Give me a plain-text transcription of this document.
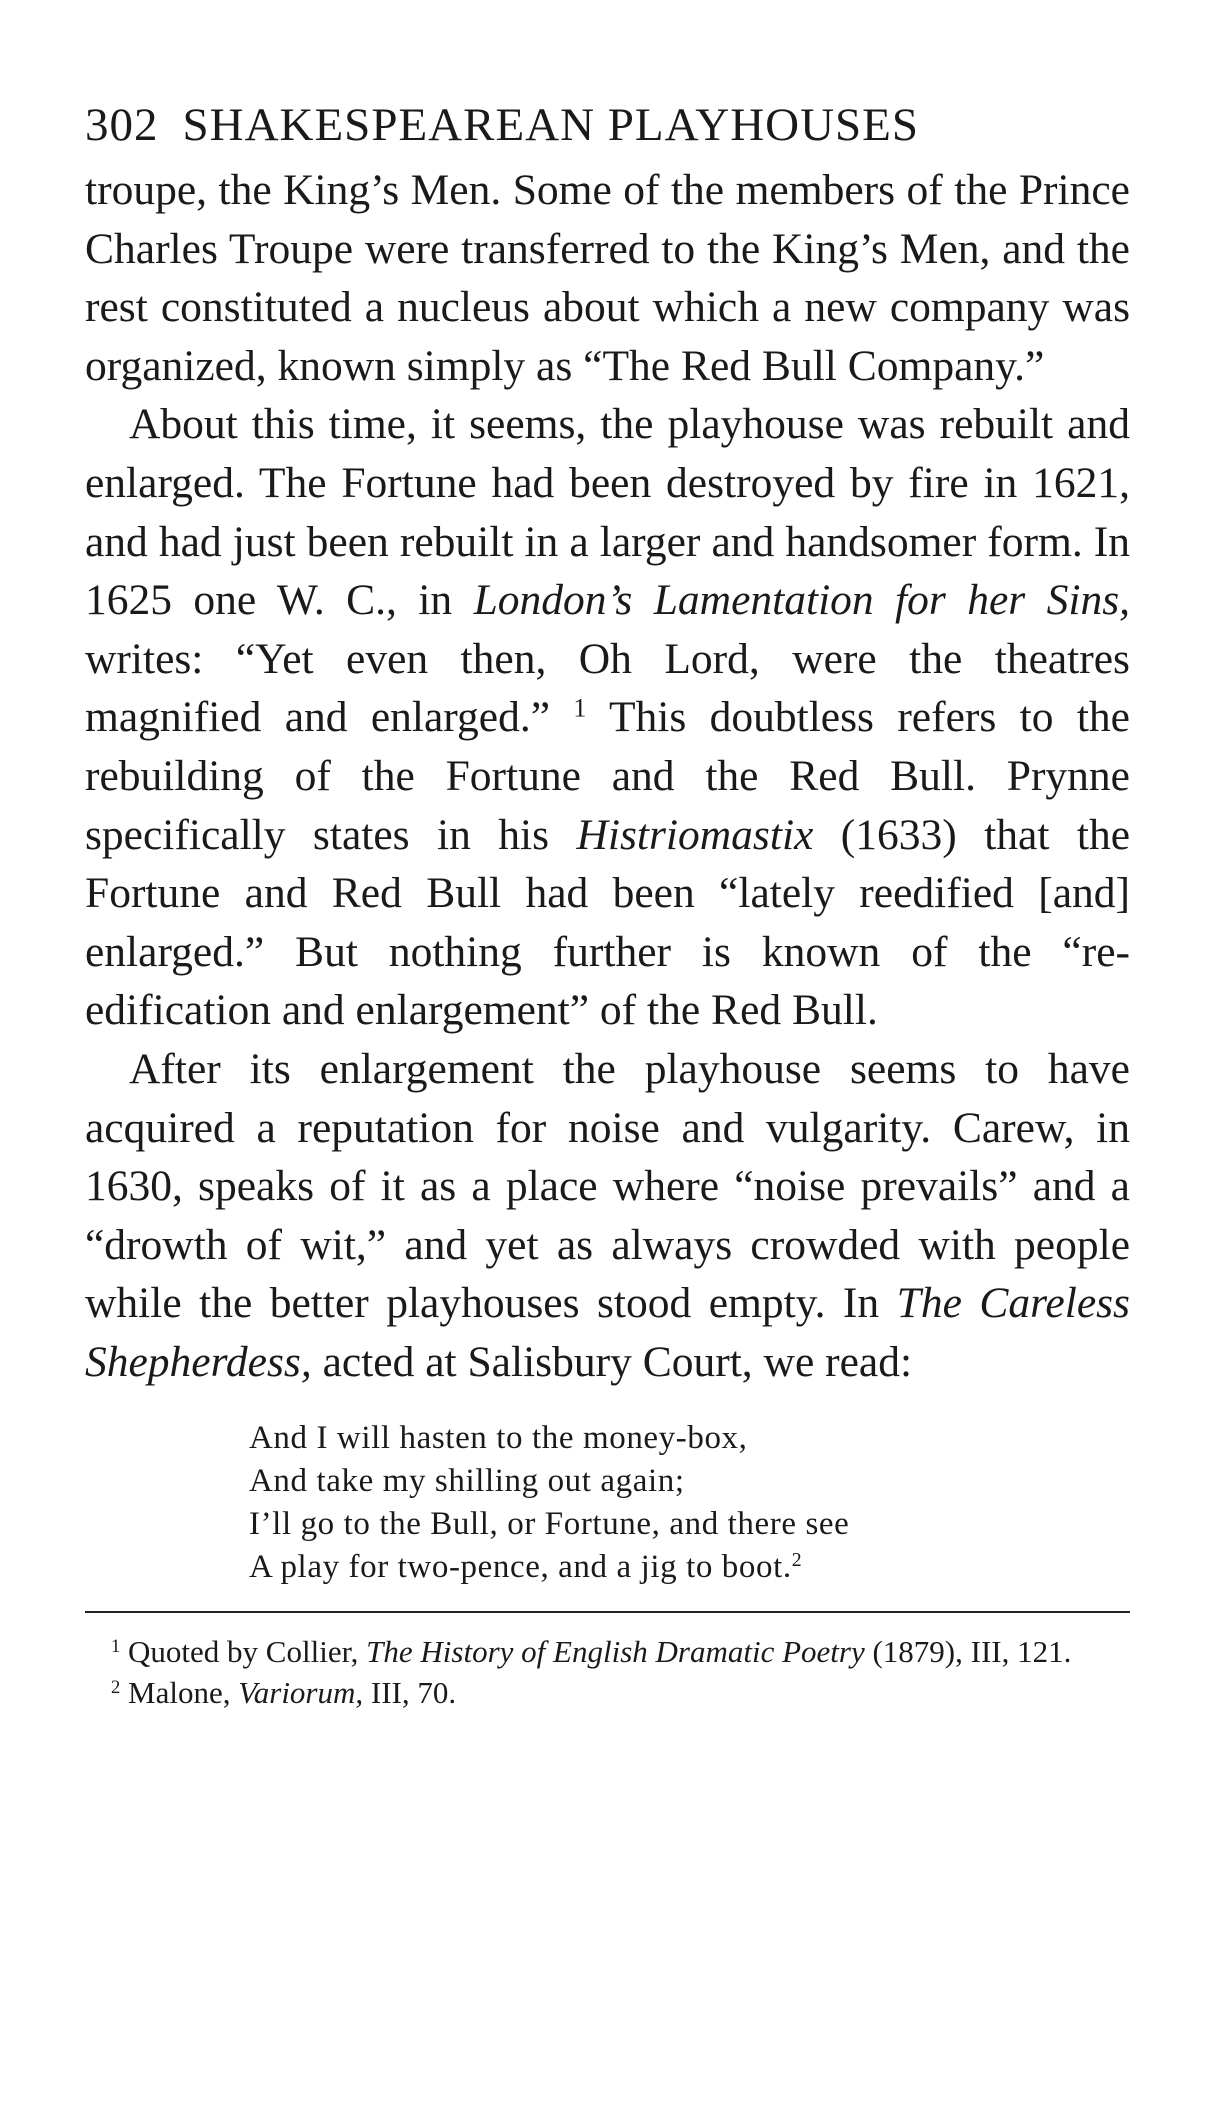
302 SHAKESPEAREAN PLAYHOUSES

troupe, the King’s Men. Some of the members of the Prince Charles Troupe were transferred to the King’s Men, and the rest constituted a nucleus about which a new company was organized, known simply as “The Red Bull Company.”

About this time, it seems, the playhouse was rebuilt and enlarged. The Fortune had been destroyed by fire in 1621, and had just been rebuilt in a larger and handsomer form. In 1625 one W. C., in London’s Lamentation for her Sins, writes: “Yet even then, Oh Lord, were the theatres magnified and enlarged.” $^1$ This doubtless refers to the rebuilding of the Fortune and the Red Bull. Prynne specifically states in his Histriomastix (1633) that the Fortune and Red Bull had been “lately reedified [and] enlarged.” But nothing further is known of the “re-edification and enlargement” of the Red Bull.

After its enlargement the playhouse seems to have acquired a reputation for noise and vulgarity. Carew, in 1630, speaks of it as a place where “noise prevails” and a “drowth of wit,” and yet as always crowded with people while the better playhouses stood empty. In The Careless Shepherdess, acted at Salisbury Court, we read:

And I will hasten to the money-box,
And take my shilling out again;
I’ll go to the Bull, or Fortune, and there see
A play for two-pence, and a jig to boot.$^2$

$^1$ Quoted by Collier, The History of English Dramatic Poetry (1879), III, 121.

$^2$ Malone, Variorum, III, 70.
